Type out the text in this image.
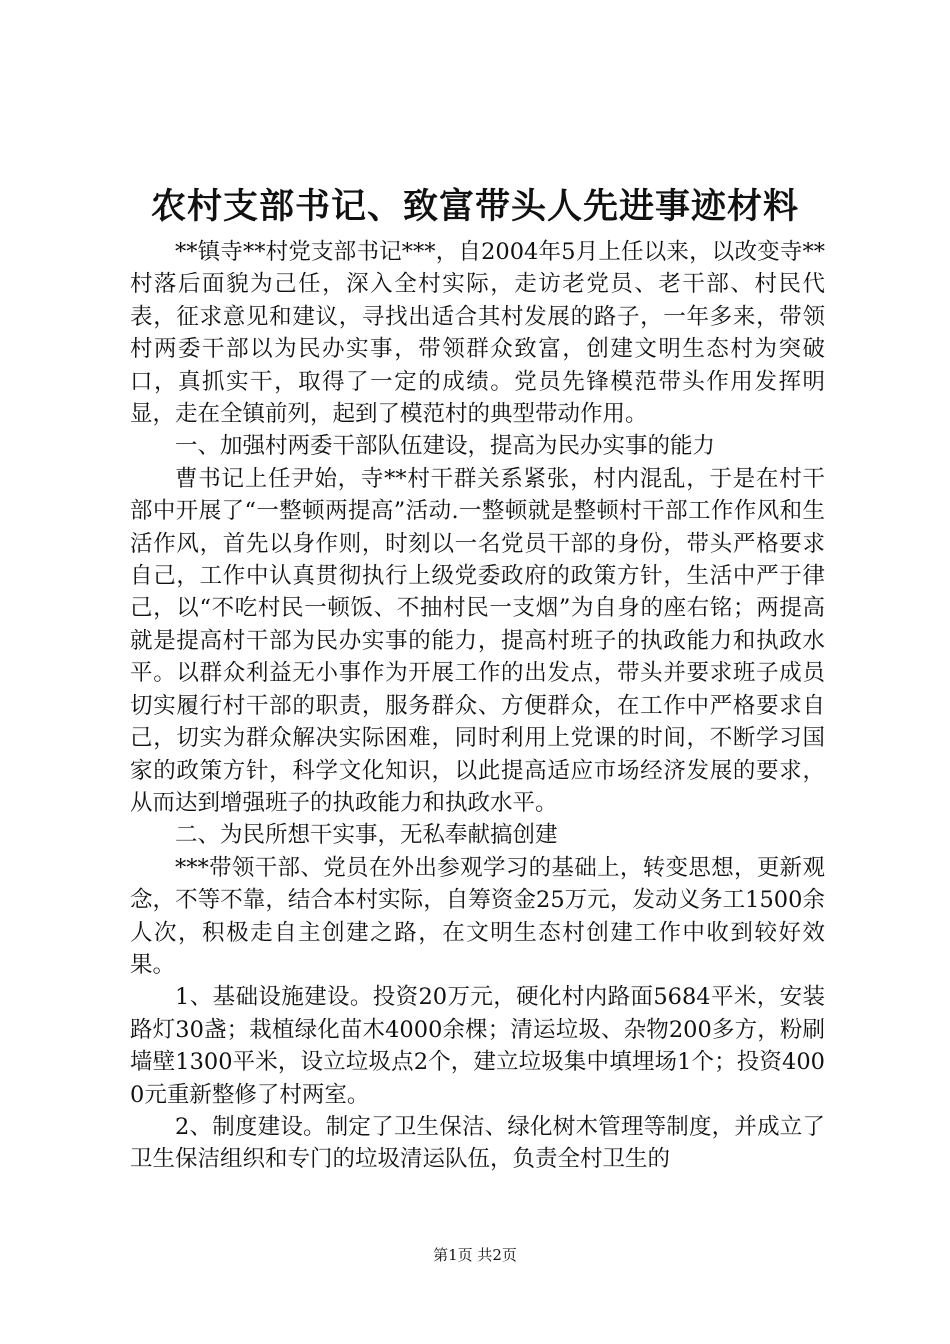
农村支部书记、致富带头人先进事迹材料

**镇寺**村党支部书记***，自2004年5月上任以来，以改变寺**村落后面貌为己任，深入全村实际，走访老党员、老干部、村民代表，征求意见和建议，寻找出适合其村发展的路子，一年多来，带领村两委干部以为民办实事，带领群众致富，创建文明生态村为突破口，真抓实干，取得了一定的成绩。党员先锋模范带头作用发挥明显，走在全镇前列，起到了模范村的典型带动作用。

一、加强村两委干部队伍建设，提高为民办实事的能力

曹书记上任尹始，寺**村干群关系紧张，村内混乱，于是在村干部中开展了“一整顿两提高”活动.一整顿就是整顿村干部工作作风和生活作风，首先以身作则，时刻以一名党员干部的身份，带头严格要求自己，工作中认真贯彻执行上级党委政府的政策方针，生活中严于律己，以“不吃村民一顿饭、不抽村民一支烟”为自身的座右铭；两提高就是提高村干部为民办实事的能力，提高村班子的执政能力和执政水平。以群众利益无小事作为开展工作的出发点，带头并要求班子成员切实履行村干部的职责，服务群众、方便群众，在工作中严格要求自己，切实为群众解决实际困难，同时利用上党课的时间，不断学习国家的政策方针，科学文化知识，以此提高适应市场经济发展的要求，从而达到增强班子的执政能力和执政水平。

二、为民所想干实事，无私奉献搞创建

***带领干部、党员在外出参观学习的基础上，转变思想，更新观念，不等不靠，结合本村实际，自筹资金25万元，发动义务工1500余人次，积极走自主创建之路，在文明生态村创建工作中收到较好效果。

1、基础设施建设。投资20万元，硬化村内路面5684平米，安装路灯30盏；栽植绿化苗木4000余棵；清运垃圾、杂物200多方，粉刷墙壁1300平米，设立垃圾点2个，建立垃圾集中填埋场1个；投资4000元重新整修了村两室。

2、制度建设。制定了卫生保洁、绿化树木管理等制度，并成立了卫生保洁组织和专门的垃圾清运队伍，负责全村卫生的

第1页 共2页
